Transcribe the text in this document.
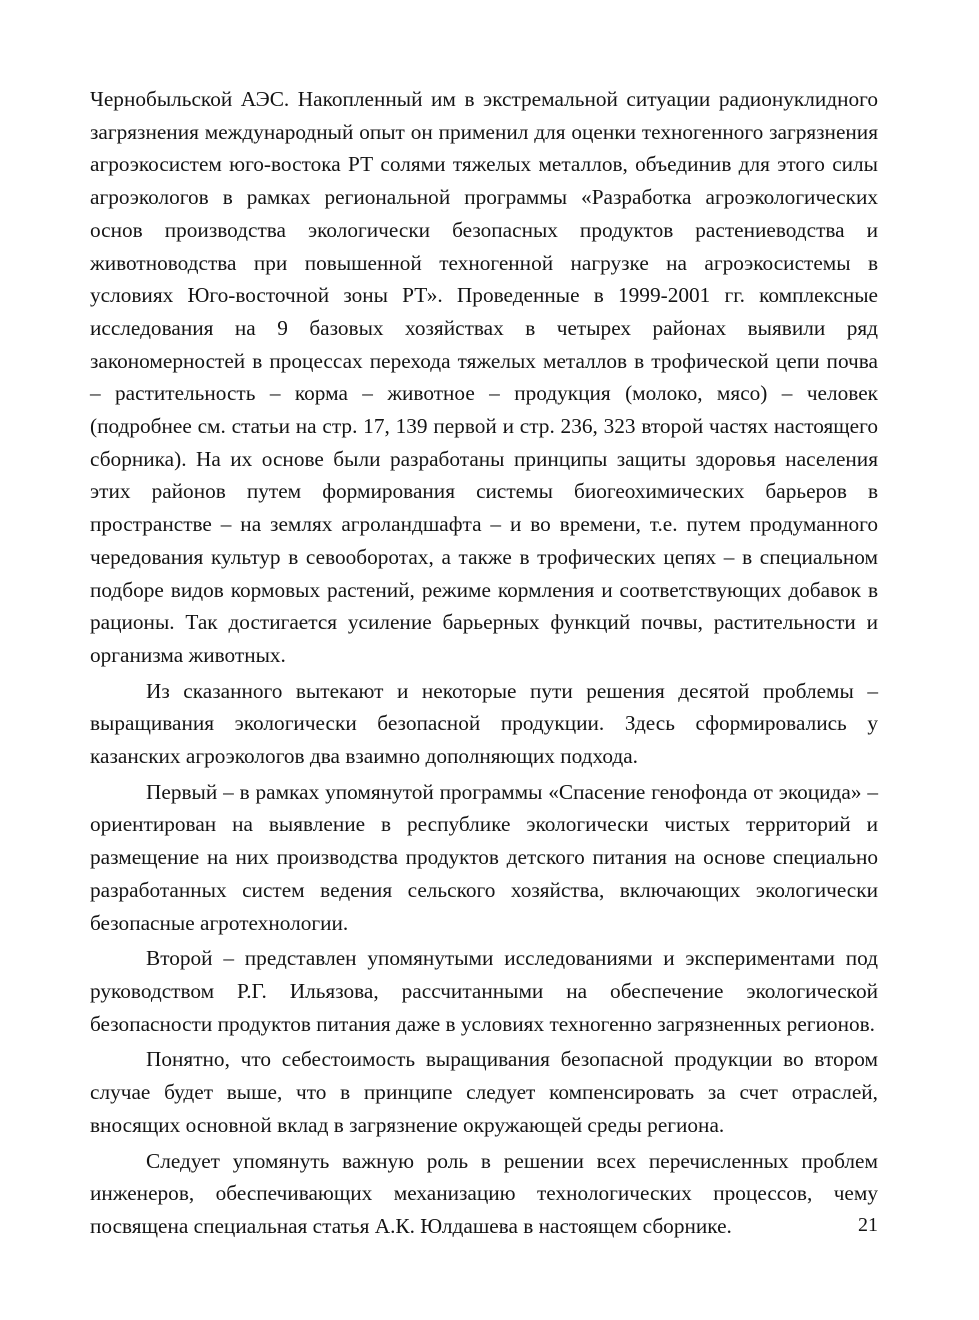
Чернобыльской АЭС. Накопленный им в экстремальной ситуации радионуклидного загрязнения международный опыт он применил для оценки техногенного загрязнения агроэкосистем юго-востока РТ солями тяжелых металлов, объединив для этого силы агроэкологов в рамках региональной программы «Разработка агроэкологических основ производства экологически безопасных продуктов растениеводства и животноводства при повышенной техногенной нагрузке на агроэкосистемы в условиях Юго-восточной зоны РТ». Проведенные в 1999-2001 гг. комплексные исследования на 9 базовых хозяйствах в четырех районах выявили ряд закономерностей в процессах перехода тяжелых металлов в трофической цепи почва – растительность – корма – животное – продукция (молоко, мясо) – человек (подробнее см. статьи на стр. 17, 139 первой и стр. 236, 323 второй частях настоящего сборника). На их основе были разработаны принципы защиты здоровья населения этих районов путем формирования системы биогеохимических барьеров в пространстве – на землях агроландшафта – и во времени, т.е. путем продуманного чередования культур в севооборотах, а также в трофических цепях – в специальном подборе видов кормовых растений, режиме кормления и соответствующих добавок в рационы. Так достигается усиление барьерных функций почвы, растительности и организма животных.

Из сказанного вытекают и некоторые пути решения десятой проблемы – выращивания экологически безопасной продукции. Здесь сформировались у казанских агроэкологов два взаимно дополняющих подхода.

Первый – в рамках упомянутой программы «Спасение генофонда от экоцида» – ориентирован на выявление в республике экологически чистых территорий и размещение на них производства продуктов детского питания на основе специально разработанных систем ведения сельского хозяйства, включающих экологически безопасные агротехнологии.

Второй – представлен упомянутыми исследованиями и экспериментами под руководством Р.Г. Ильязова, рассчитанными на обеспечение экологической безопасности продуктов питания даже в условиях техногенно загрязненных регионов.

Понятно, что себестоимость выращивания безопасной продукции во втором случае будет выше, что в принципе следует компенсировать за счет отраслей, вносящих основной вклад в загрязнение окружающей среды региона.

Следует упомянуть важную роль в решении всех перечисленных проблем инженеров, обеспечивающих механизацию технологических процессов, чему посвящена специальная статья А.К. Юлдашева в настоящем сборнике.	21
